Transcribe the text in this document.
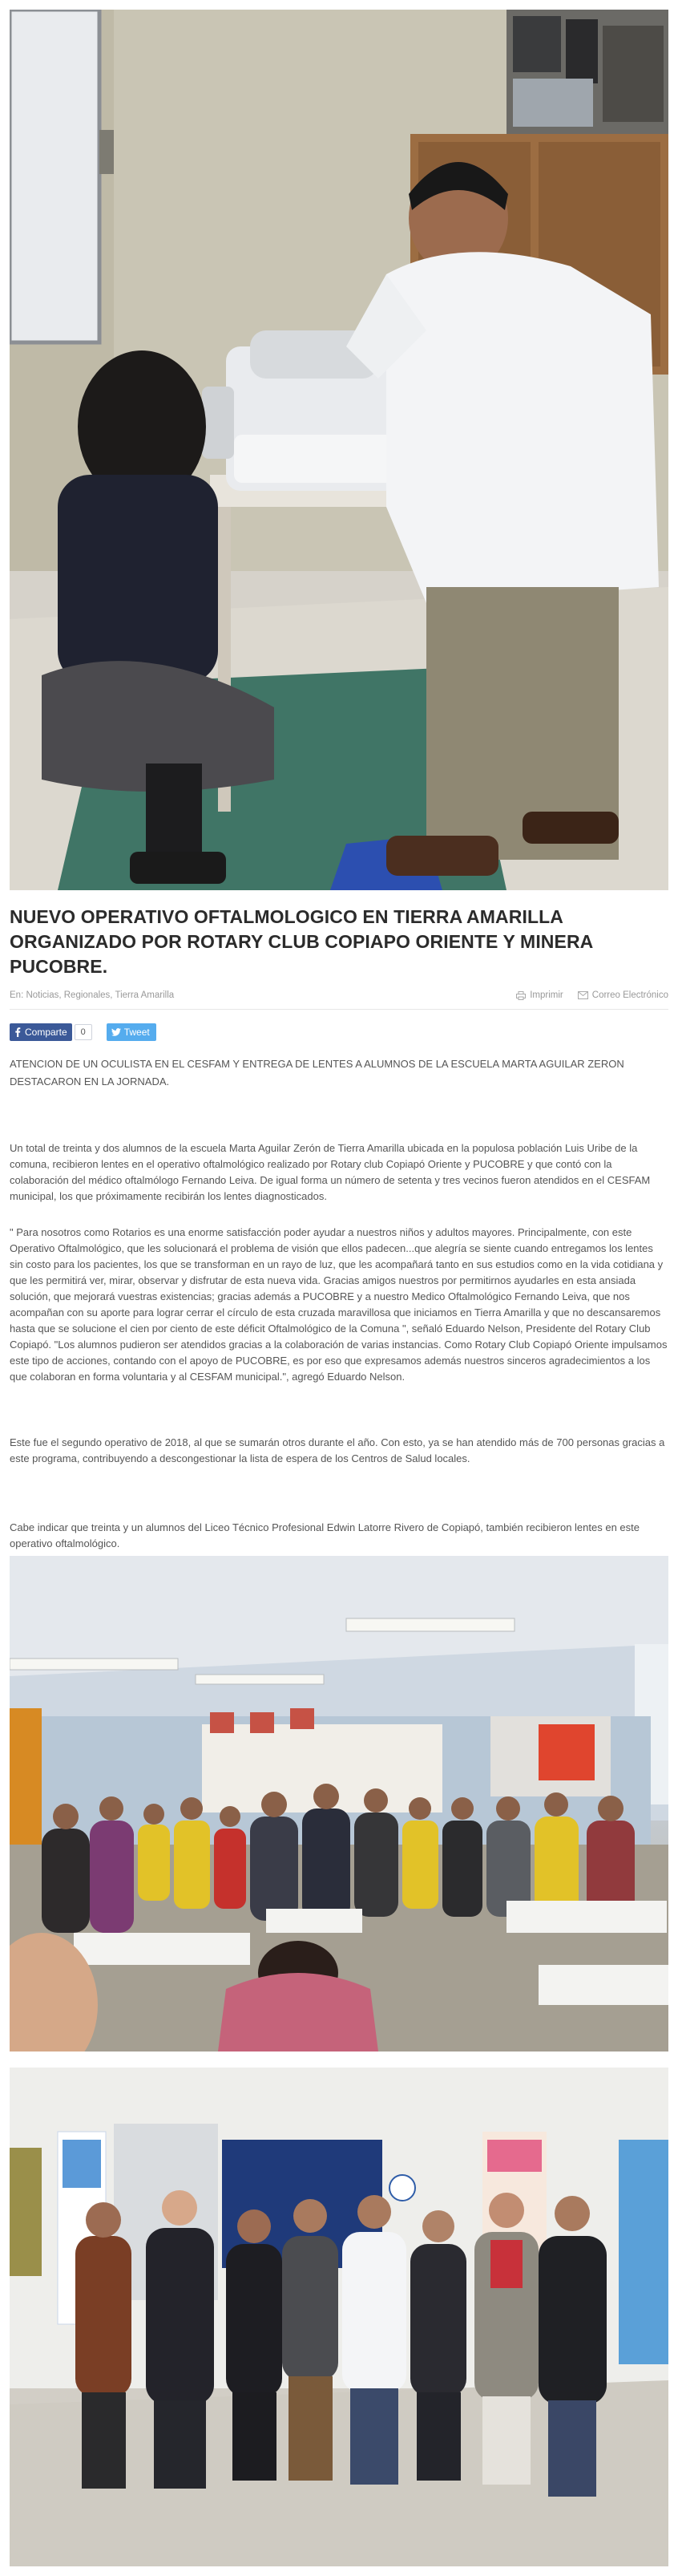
NUEVO OPERATIVO OFTALMOLOGICO EN TIERRA AMARILLA ORGANIZADO POR ROTARY CLUB COPIAPO ORIENTE Y MINERA PUCOBRE.
En: Noticias, Regionales, Tierra Amarilla	Imprimir	Correo Electrónico
Comparte	0	Tweet

ATENCION DE UN OCULISTA EN EL CESFAM Y ENTREGA DE LENTES A ALUMNOS DE LA ESCUELA MARTA AGUILAR ZERON DESTACARON EN LA JORNADA.

Un total de treinta y dos alumnos de la escuela Marta Aguilar Zerón de Tierra Amarilla ubicada en la populosa población Luis Uribe de la comuna, recibieron lentes en el operativo oftalmológico realizado por Rotary club Copiapó Oriente y PUCOBRE y que contó con la colaboración del médico oftalmólogo Fernando Leiva. De igual forma un número de setenta y tres vecinos fueron atendidos en el CESFAM municipal, los que próximamente recibirán los lentes diagnosticados.

" Para nosotros como Rotarios es una enorme satisfacción poder ayudar a nuestros niños y adultos mayores. Principalmente, con este Operativo Oftalmológico, que les solucionará el problema de visión que ellos padecen...que alegría se siente cuando entregamos los lentes sin costo para los pacientes, los que se transforman en un rayo de luz, que les acompañará tanto en sus estudios como en la vida cotidiana y que les permitirá ver, mirar, observar y disfrutar de esta nueva vida. Gracias amigos nuestros por permitirnos ayudarles en esta ansiada solución, que mejorará vuestras existencias; gracias además a PUCOBRE y a nuestro Medico Oftalmológico Fernando Leiva, que nos acompañan con su aporte para lograr cerrar el círculo de esta cruzada maravillosa que iniciamos en Tierra Amarilla y que no descansaremos hasta que se solucione el cien por ciento de este déficit Oftalmológico de la Comuna ", señaló Eduardo Nelson, Presidente del Rotary Club Copiapó. "Los alumnos pudieron ser atendidos gracias a la colaboración de varias instancias. Como Rotary Club Copiapó Oriente impulsamos este tipo de acciones, contando con el apoyo de PUCOBRE, es por eso que expresamos además nuestros sinceros agradecimientos a los que colaboran en forma voluntaria y al CESFAM municipal.", agregó Eduardo Nelson.

Este fue el segundo operativo de 2018, al que se sumarán otros durante el año. Con esto, ya se han atendido más de 700 personas gracias a este programa, contribuyendo a descongestionar la lista de espera de los Centros de Salud locales.

Cabe indicar que treinta y un alumnos del Liceo Técnico Profesional Edwin Latorre Rivero de Copiapó, también recibieron lentes en este operativo oftalmológico.
